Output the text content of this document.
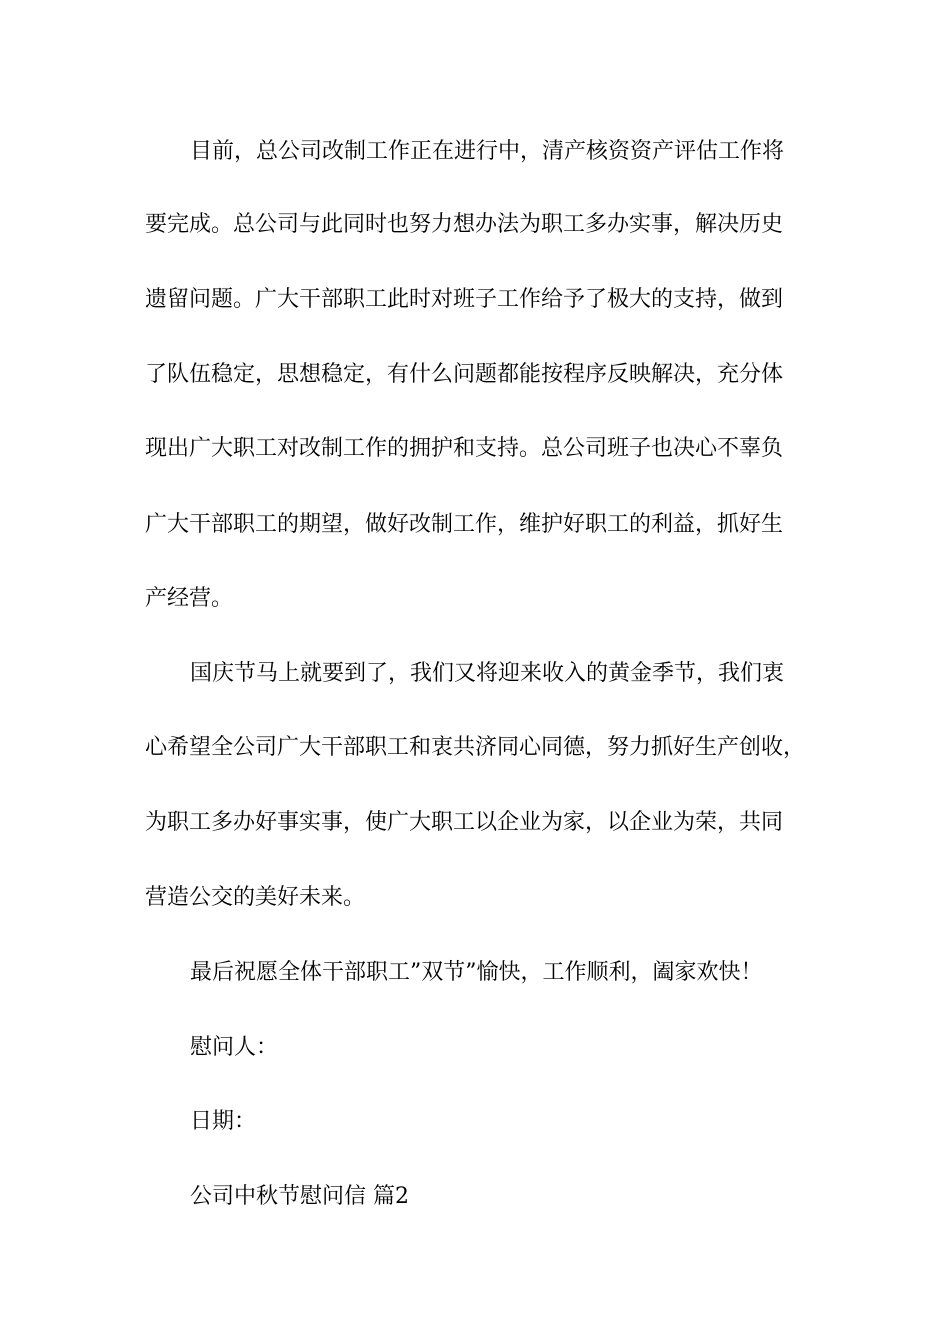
目前，总公司改制工作正在进行中，清产核资资产评估工作将
要完成。总公司与此同时也努力想办法为职工多办实事，解决历史
遗留问题。广大干部职工此时对班子工作给予了极大的支持，做到
了队伍稳定，思想稳定，有什么问题都能按程序反映解决，充分体
现出广大职工对改制工作的拥护和支持。总公司班子也决心不辜负
广大干部职工的期望，做好改制工作，维护好职工的利益，抓好生
产经营。
国庆节马上就要到了，我们又将迎来收入的黄金季节，我们衷
心希望全公司广大干部职工和衷共济同心同德，努力抓好生产创收，
为职工多办好事实事，使广大职工以企业为家，以企业为荣，共同
营造公交的美好未来。
最后祝愿全体干部职工”双节”愉快，工作顺利，阖家欢快！
慰问人：
日期：
公司中秋节慰问信 篇2
